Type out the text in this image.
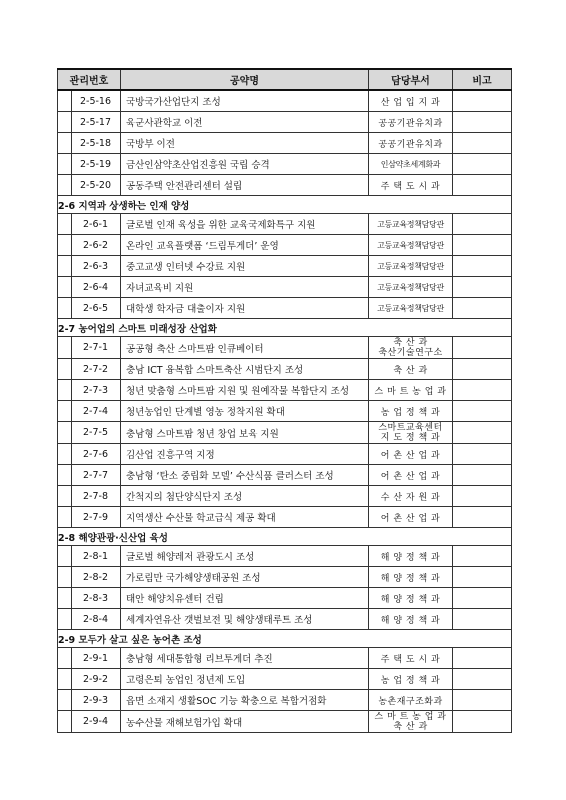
관리번호	공약명	담당부서	비고

2-5-16	국방국가산업단지 조성	산 업 입 지 과	

2-5-17	육군사관학교 이전	공공기관유치과	

2-5-18	국방부 이전	공공기관유치과	

2-5-19	금산인삼약초산업진흥원 국립 승격	인삼약초세계화과	

2-5-20	공동주택 안전관리센터 설립	주 택 도 시 과	
2-6 지역과 상생하는 인재 양성			

2-6-1	글로벌 인재 육성을 위한 교육국제화특구 지원	고등교육정책담당관	

2-6-2	온라인 교육플랫폼 ‘드림투게더’ 운영	고등교육정책담당관	

2-6-3	중고교생 인터넷 수강료 지원	고등교육정책담당관	

2-6-4	자녀교육비 지원	고등교육정책담당관	

2-6-5	대학생 학자금 대출이자 지원	고등교육정책담당관	
2-7 농어업의 스마트 미래성장 산업화			

2-7-1	공공형 축산 스마트팜 인큐베이터	축 산 과
축산기술연구소	

2-7-2	충남 ICT 융복합 스마트축산 시범단지 조성	축 산 과	

2-7-3	청년 맞춤형 스마트팜 지원 및 원예작물 복합단지 조성	스 마 트 농 업 과	

2-7-4	청년농업인 단계별 영농 정착지원 확대	농 업 정 책 과	

2-7-5	충남형 스마트팜 청년 창업 보육 지원	스마트교육센터
지 도 정 책 과	

2-7-6	김산업 진흥구역 지정	어 촌 산 업 과	

2-7-7	충남형 ‘탄소 중립화 모델’ 수산식품 클러스터 조성	어 촌 산 업 과	

2-7-8	간척지의 첨단양식단지 조성	수 산 자 원 과	

2-7-9	지역생산 수산물 학교급식 제공 확대	어 촌 산 업 과	
2-8 해양관광·신산업 육성			

2-8-1	글로벌 해양레저 관광도시 조성	해 양 정 책 과	

2-8-2	가로림만 국가해양생태공원 조성	해 양 정 책 과	

2-8-3	태안 해양치유센터 건립	해 양 정 책 과	

2-8-4	세계자연유산 갯벌보전 및 해양생태루트 조성	해 양 정 책 과	
2-9 모두가 살고 싶은 농어촌 조성			

2-9-1	충남형 세대통합형 리브투게더 추진	주 택 도 시 과	

2-9-2	고령은퇴 농업인 정년제 도입	농 업 정 책 과	

2-9-3	읍면 소재지 생활SOC 기능 확충으로 복합거점화	농촌재구조화과	

2-9-4	농수산물 재해보험가입 확대	스 마 트 농 업 과
축 산 과	
